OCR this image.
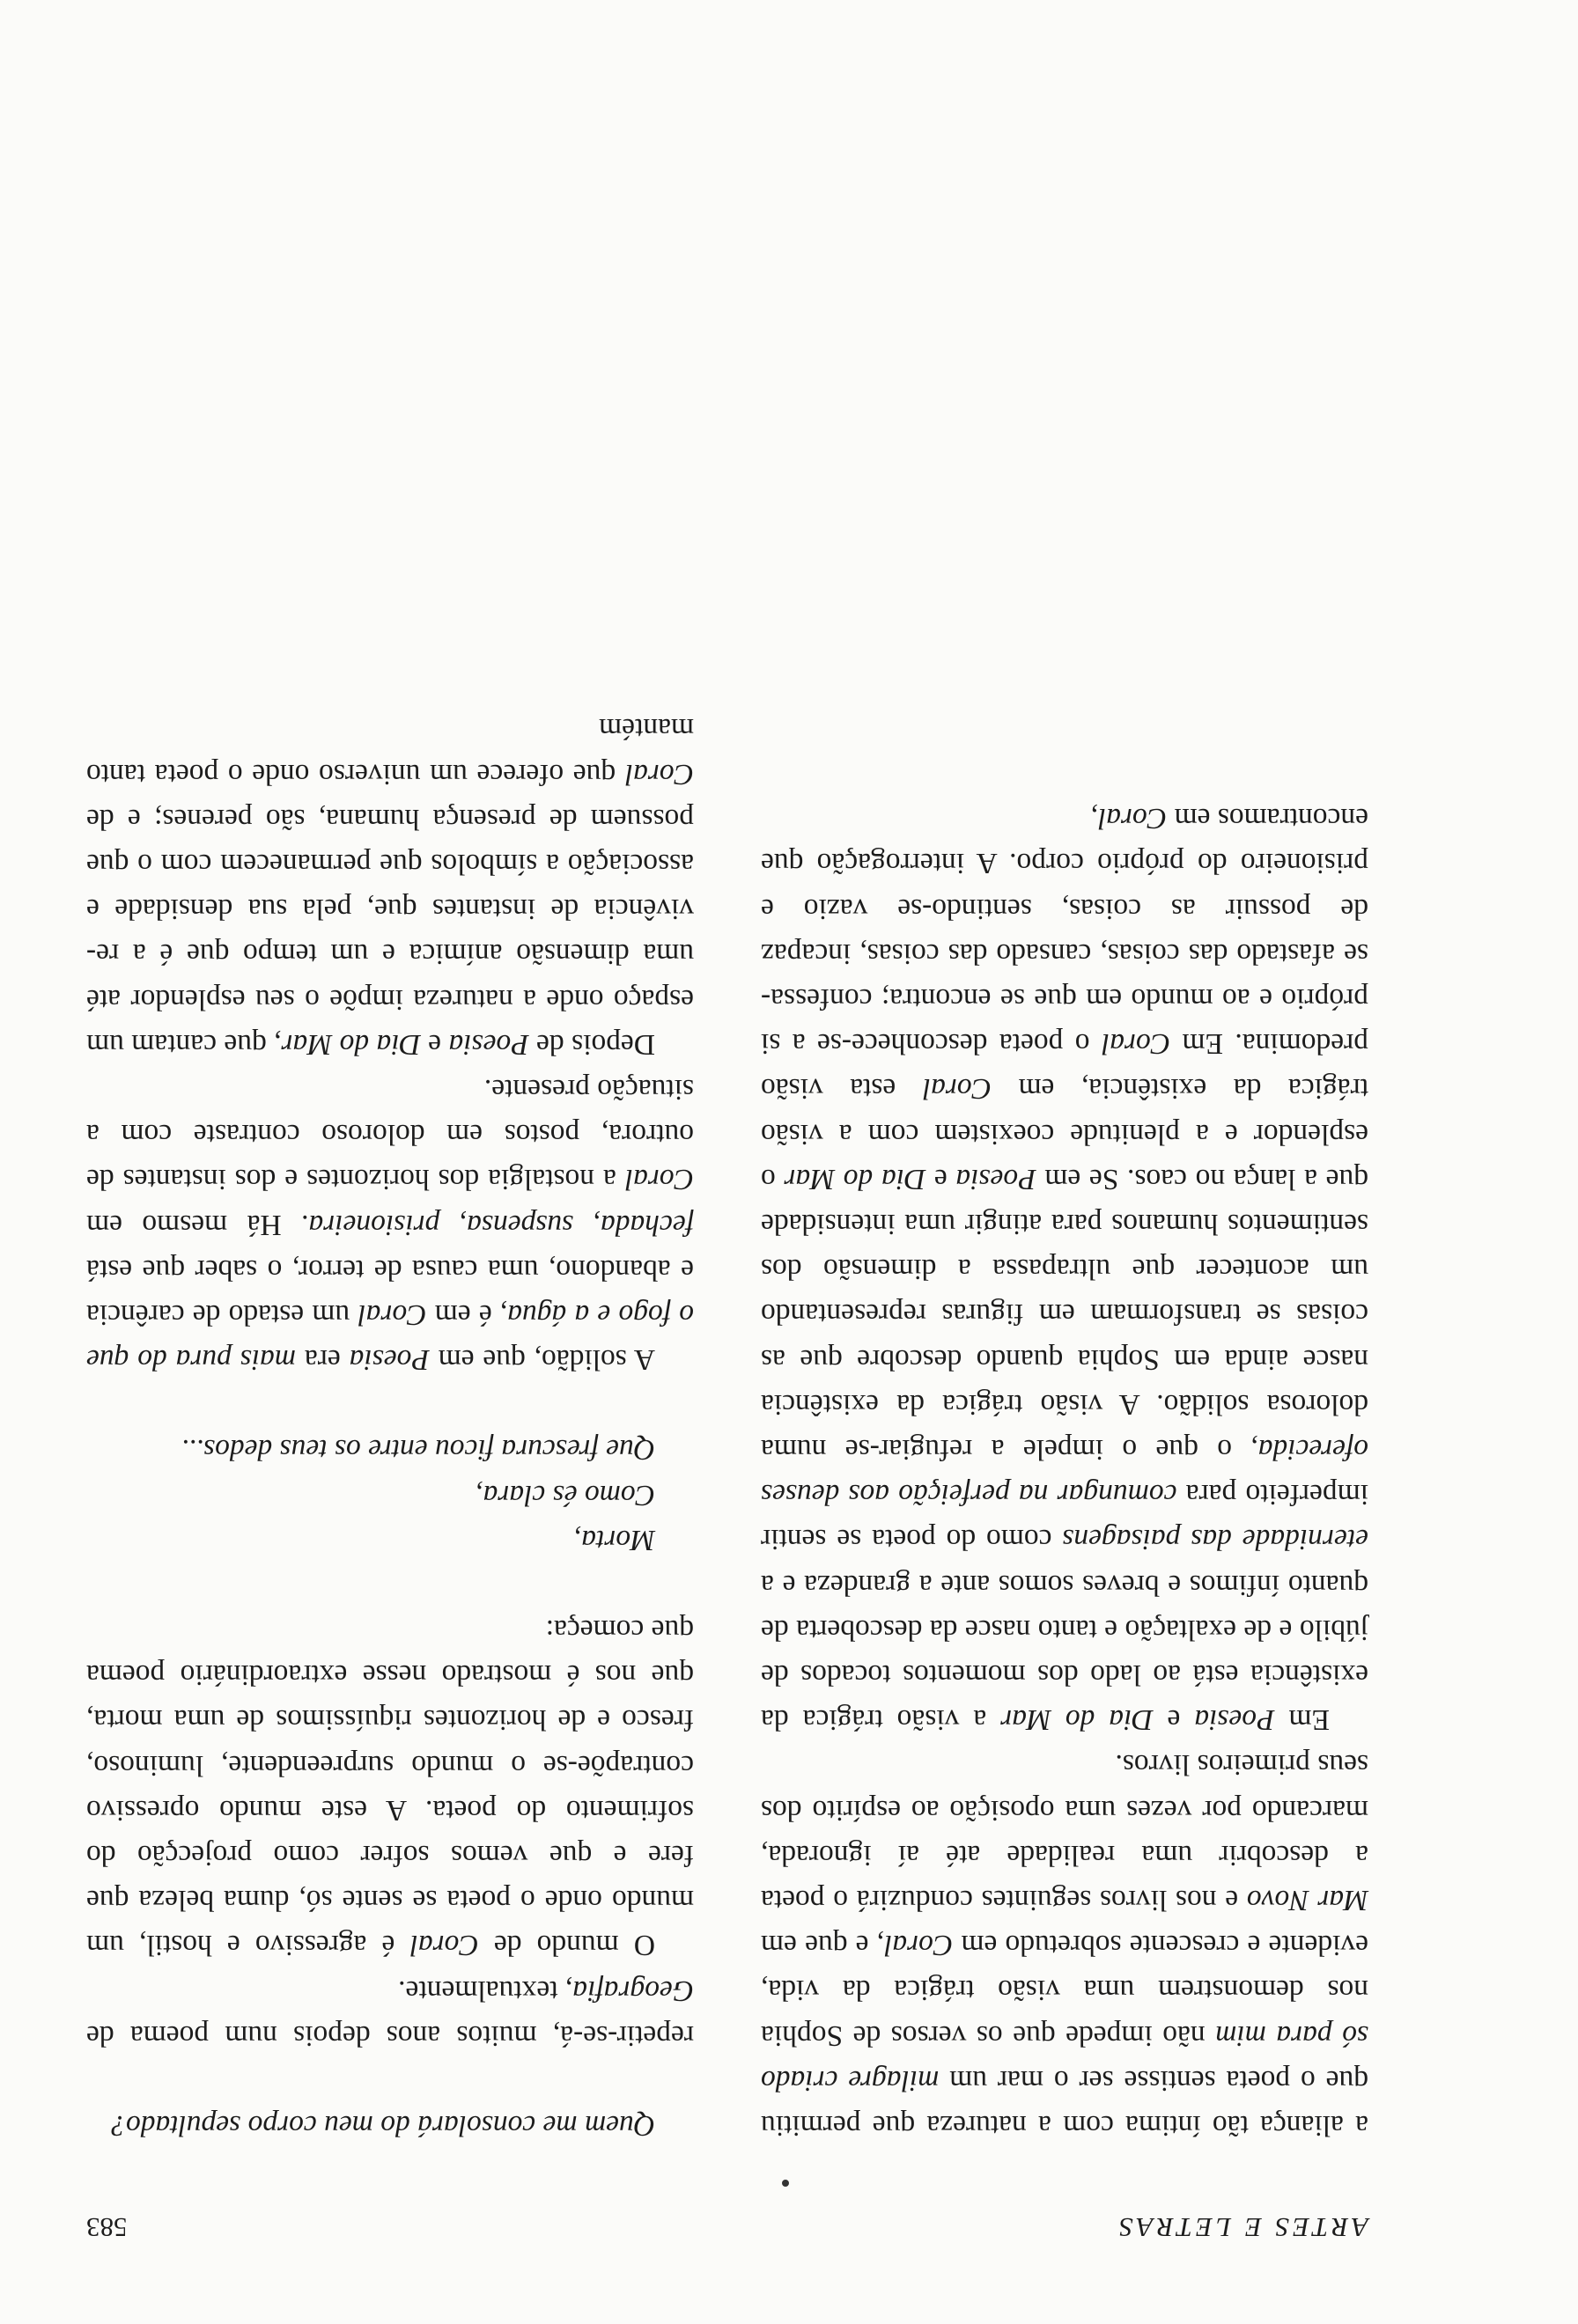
ARTES E LETRAS
583

a aliança tão íntima com a natureza que permitiu que o poeta sentisse ser o mar um milagre criado só para mim não impede que os versos de Sophia nos demonstrem uma visão trágica da vida, evidente e crescente sobretudo em Coral, e que em Mar Novo e nos livros seguintes conduzirá o poeta a descobrir uma realidade até aí ignorada, marcando por vezes uma oposição ao espírito dos seus primeiros livros.

Em Poesia e Dia do Mar a visão trágica da existência está ao lado dos momentos tocados de júbilo e de exaltação e tanto nasce da descoberta de quanto ínfimos e breves somos ante a grandeza e a eternidade das paisagens como do poeta se sentir imperfeito para comungar na perfeição aos deuses oferecida, o que o impele a refugiar-se numa dolorosa solidão. A visão trágica da existência nasce ainda em Sophia quando descobre que as coisas se transformam em figuras representando um acontecer que ultrapassa a dimensão dos sentimentos humanos para atingir uma intensidade que a lança no caos. Se em Poesia e Dia do Mar o esplendor e a plenitude coexistem com a visão trágica da existência, em Coral esta visão predomina. Em Coral o poeta desconhece-se a si próprio e ao mundo em que se encontra; confessa-se afastado das coisas, cansado das coisas, incapaz de possuir as coisas, sentindo-se vazio e prisioneiro do próprio corpo. A interrogação que encontramos em Coral,

Quem me consolará do meu corpo sepultado?

repetir-se-á, muitos anos depois num poema de Geografia, textualmente.

O mundo de Coral é agressivo e hostil, um mundo onde o poeta se sente só, duma beleza que fere e que vemos sofrer como projecção do sofrimento do poeta. A este mundo opressivo contrapõe-se o mundo surpreendente, luminoso, fresco e de horizontes riquíssimos de uma morta, que nos é mostrado nesse extraordinário poema que começa:

Morta,

Como és clara,

Que frescura ficou entre os teus dedos...

A solidão, que em Poesia era mais pura do que o fogo e a água, é em Coral um estado de carência e abandono, uma causa de terror, o saber que está fechada, suspensa, prisioneira. Há mesmo em Coral a nostalgia dos horizontes e dos instantes de outrora, postos em doloroso contraste com a situação presente.

Depois de Poesia e Dia do Mar, que cantam um espaço onde a natureza impõe o seu esplendor até uma dimensão anímica e um tempo que é a re-vivência de instantes que, pela sua densidade e associação a símbolos que permanecem com o que possuem de presença humana, são perenes; e de Coral que oferece um universo onde o poeta tanto mantém
